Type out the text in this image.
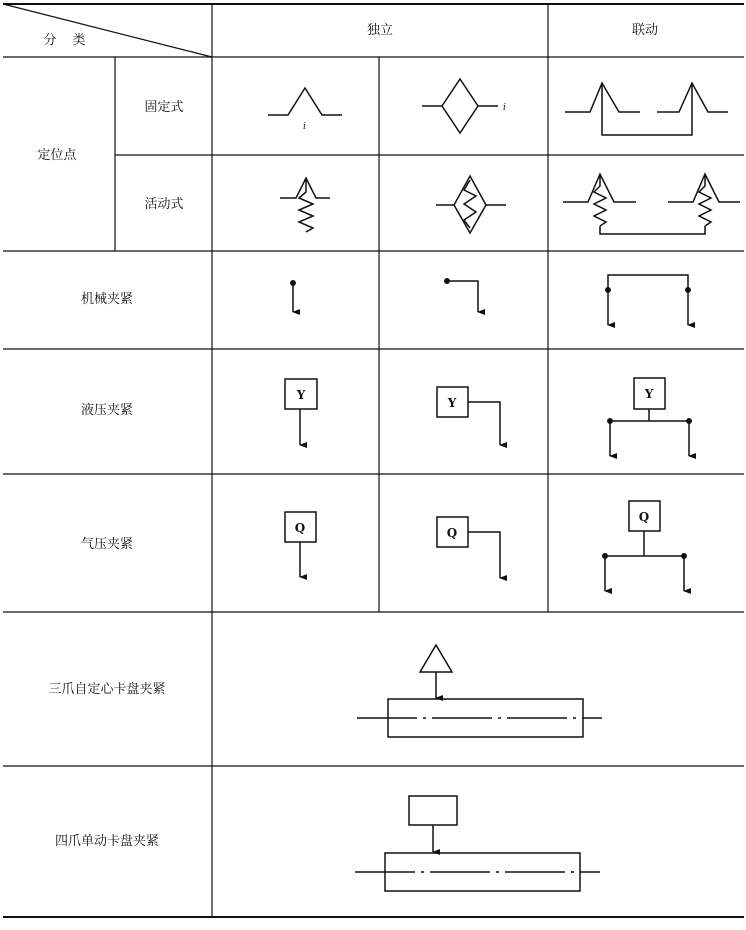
分 类
独立	联动
定位点
固定式
活动式
机械夹紧
液压夹紧
气压夹紧
三爪自定心卡盘夹紧
四爪单动卡盘夹紧
i
i
Y
Y
Y
Q	Q
Q
